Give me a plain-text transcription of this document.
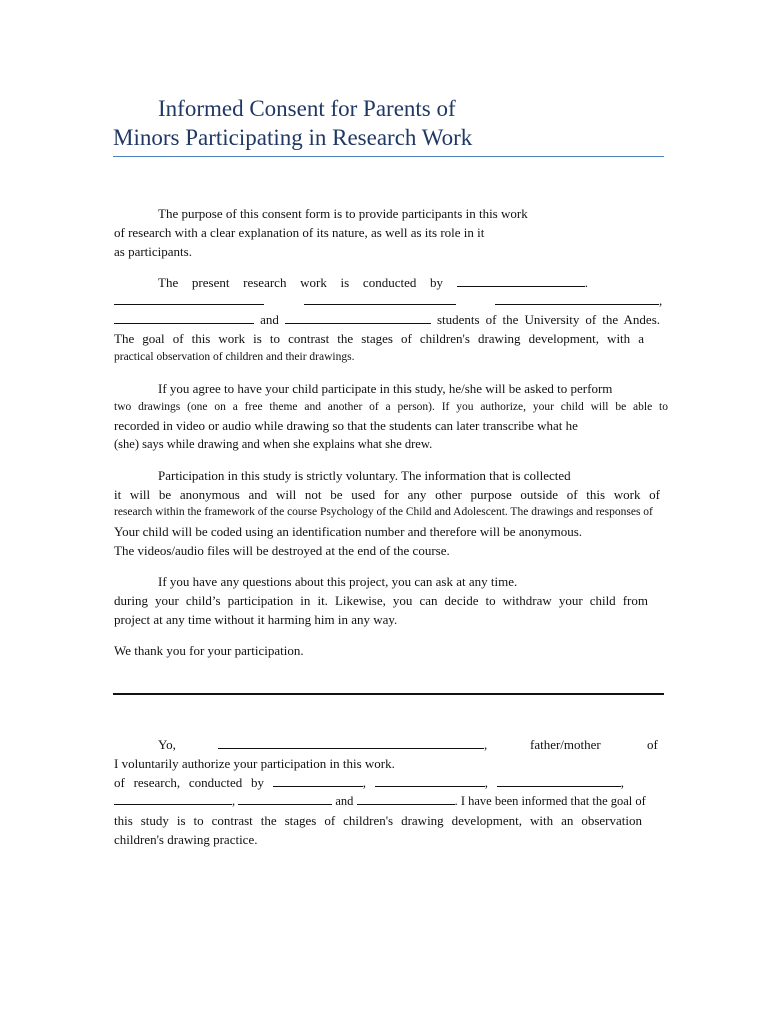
Informed Consent for Parents of
Minors Participating in Research Work
The purpose of this consent form is to provide participants in this work
of research with a clear explanation of its nature, as well as its role in it
as participants.
The present research work is conducted by	.
,
and	students of the University of the Andes.
The goal of this work is to contrast the stages of children's drawing development, with a
practical observation of children and their drawings.
If you agree to have your child participate in this study, he/she will be asked to perform
two drawings (one on a free theme and another of a person). If you authorize, your child will be able to
recorded in video or audio while drawing so that the students can later transcribe what he
(she) says while drawing and when she explains what she drew.
Participation in this study is strictly voluntary. The information that is collected
it will be anonymous and will not be used for any other purpose outside of this work of
research within the framework of the course Psychology of the Child and Adolescent. The drawings and responses of
Your child will be coded using an identification number and therefore will be anonymous.
The videos/audio files will be destroyed at the end of the course.
If you have any questions about this project, you can ask at any time.
during your child’s participation in it. Likewise, you can decide to withdraw your child from
project at any time without it harming him in any way.
We thank you for your participation.
Yo,	,	father/mother	of
I voluntarily authorize your participation in this work.
of research, conducted by	,	,	,
,	and	. I have been informed that the goal of
this study is to contrast the stages of children's drawing development, with an observation
children's drawing practice.
